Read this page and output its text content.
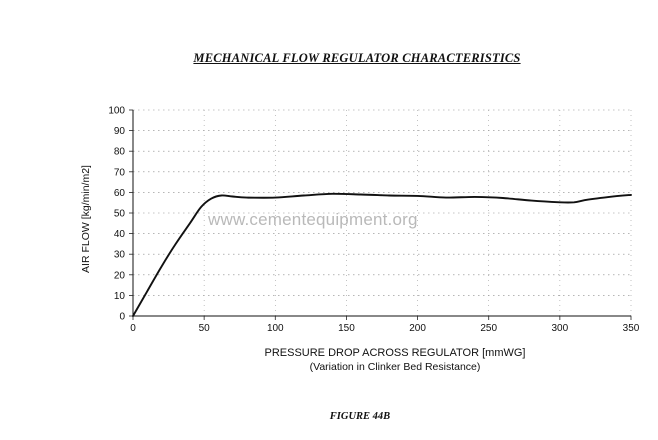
MECHANICAL FLOW REGULATOR CHARACTERISTICS
0
10
20
30
40
50
60
70
80
90
100
0	50	100	150	200	250	300	350
AIR FLOW [kg/min/m2]	www.cementequipment.org
PRESSURE DROP ACROSS REGULATOR [mmWG]
(Variation in Clinker Bed Resistance)
FIGURE 44B
